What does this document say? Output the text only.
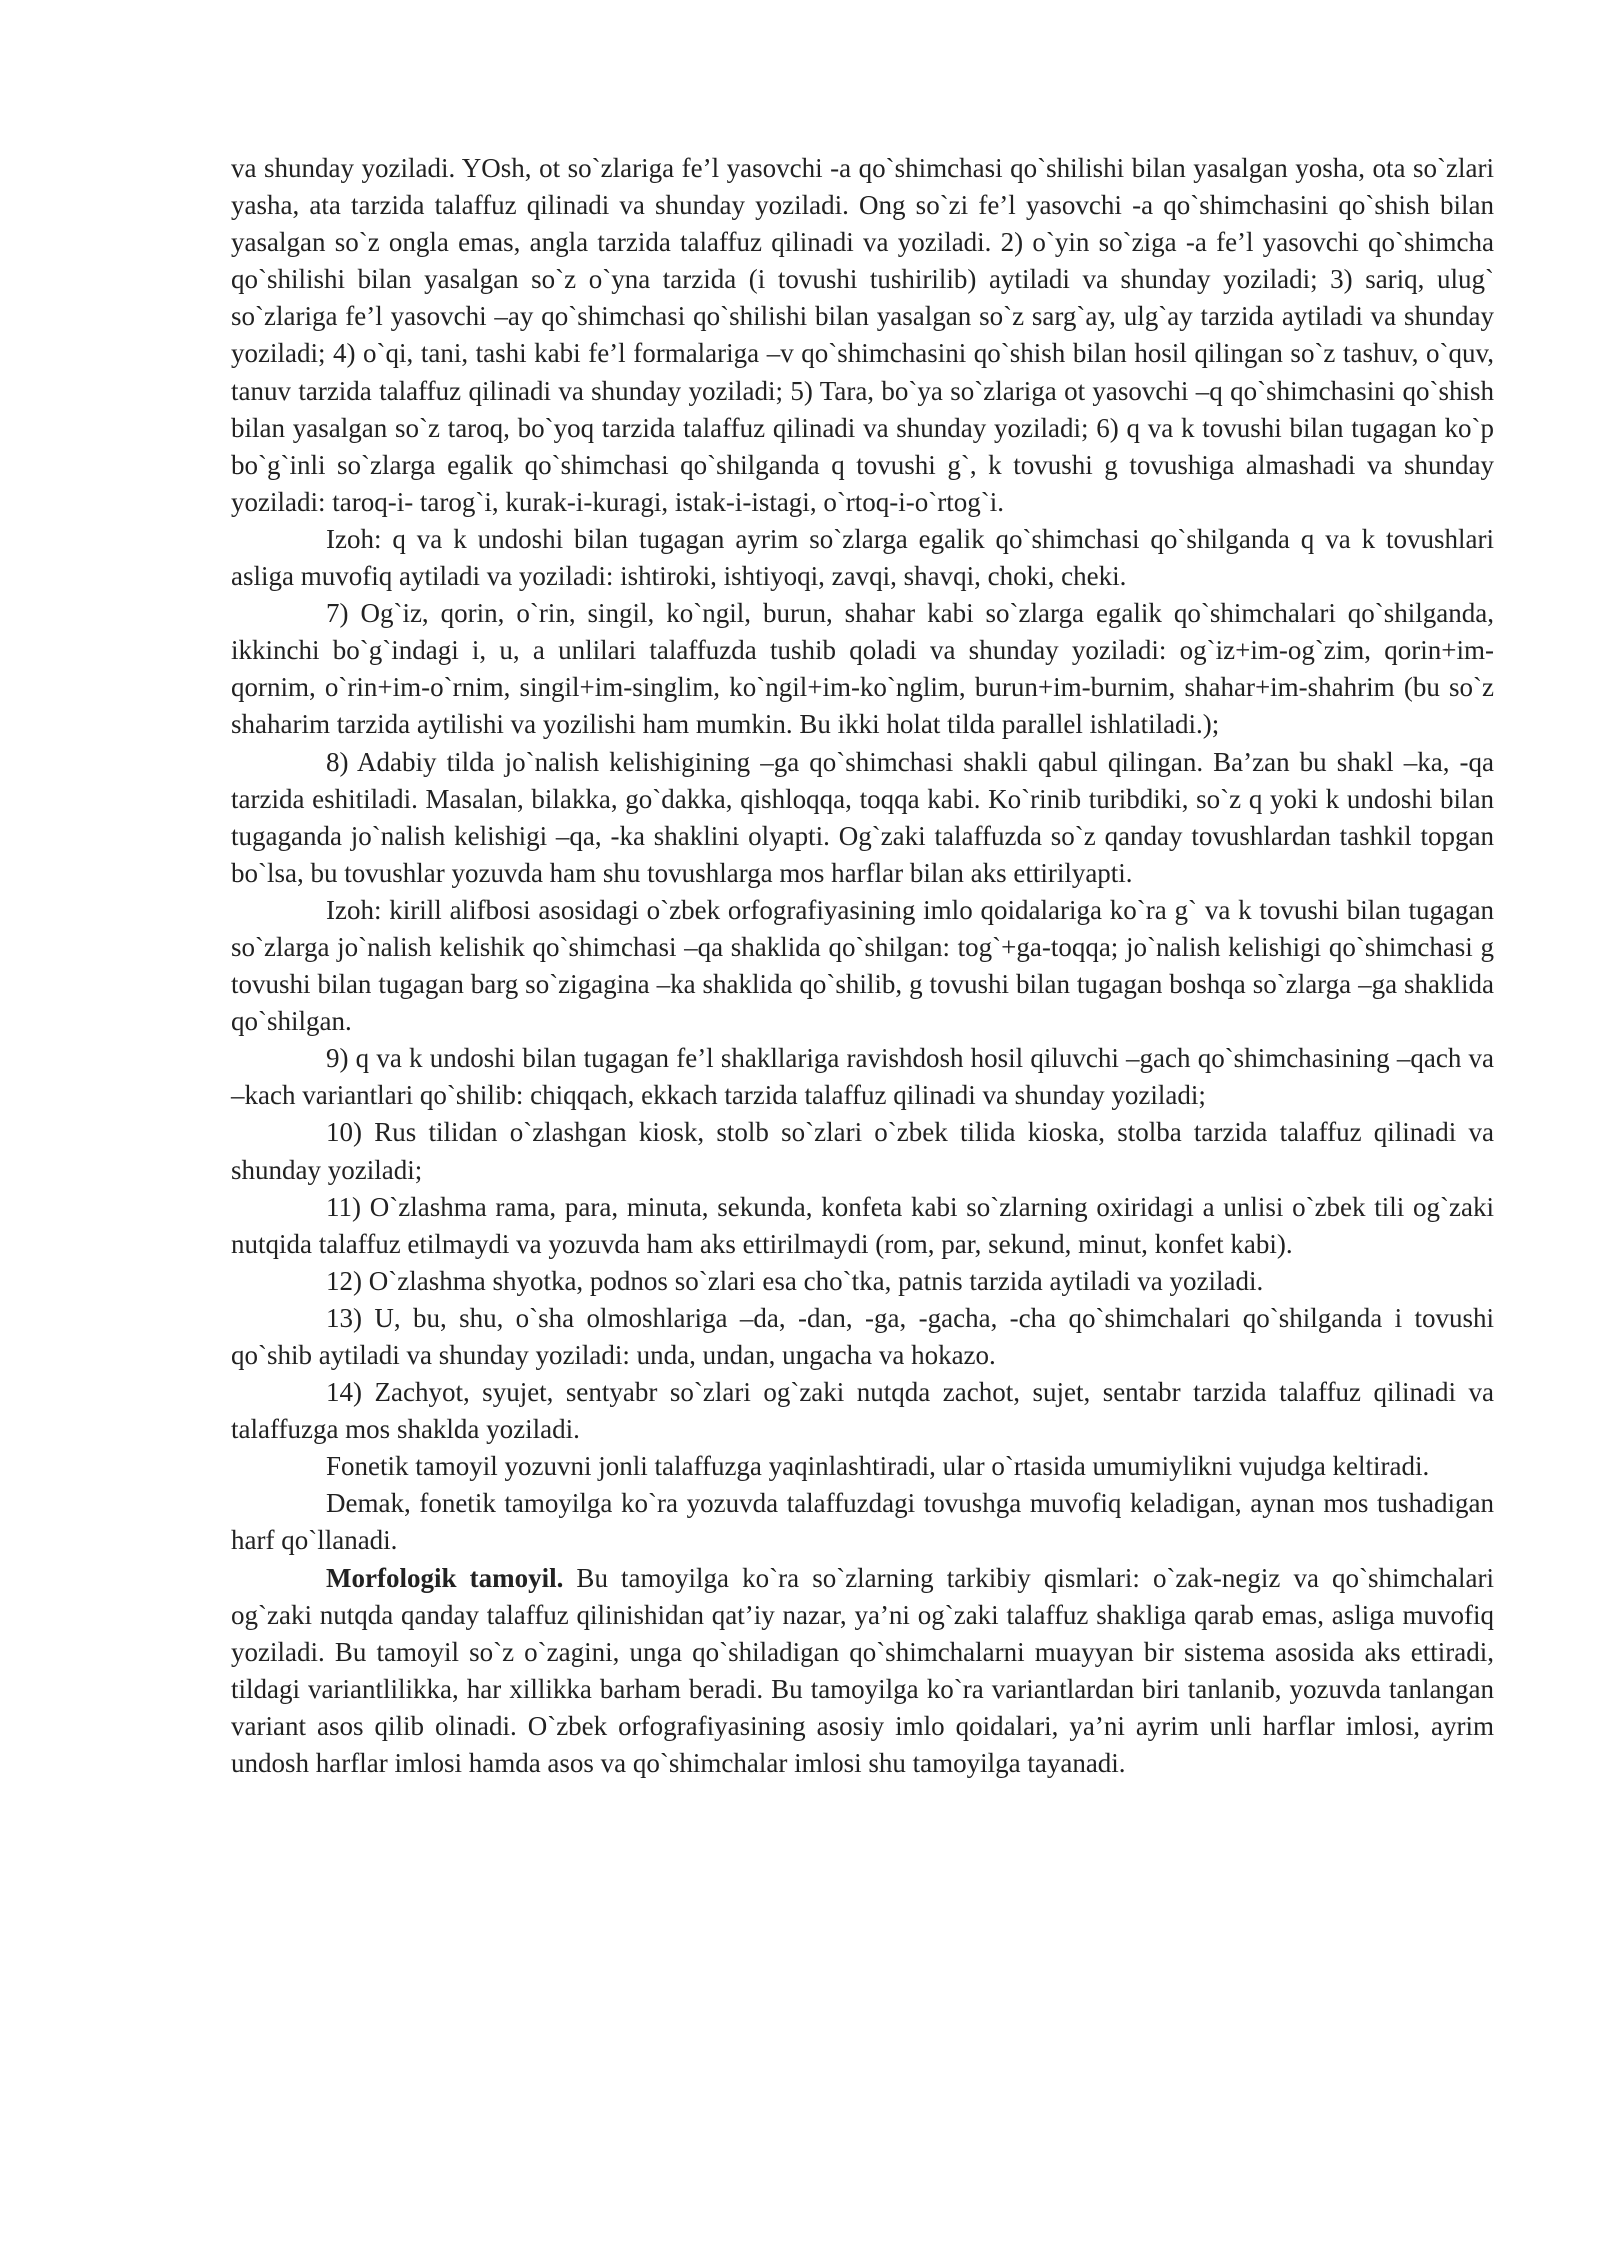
va shunday yoziladi. YOsh, ot so`zlariga fe’l yasovchi -a qo`shimchasi qo`shilishi bilan yasalgan yosha, ota so`zlari yasha, ata tarzida talaffuz qilinadi va shunday yoziladi. Ong so`zi fe’l yasovchi -a qo`shimchasini qo`shish bilan yasalgan so`z ongla emas, angla tarzida talaffuz qilinadi va yoziladi. 2) o`yin so`ziga -a fe’l yasovchi qo`shimcha qo`shilishi bilan yasalgan so`z o`yna tarzida (i tovushi tushirilib) aytiladi va shunday yoziladi; 3) sariq, ulug` so`zlariga fe’l yasovchi –ay qo`shimchasi qo`shilishi bilan yasalgan so`z sarg`ay, ulg`ay tarzida aytiladi va shunday yoziladi; 4) o`qi, tani, tashi kabi fe’l formalariga –v qo`shimchasini qo`shish bilan hosil qilingan so`z tashuv, o`quv, tanuv tarzida talaffuz qilinadi va shunday yoziladi; 5) Tara, bo`ya so`zlariga ot yasovchi –q qo`shimchasini qo`shish bilan yasalgan so`z taroq, bo`yoq tarzida talaffuz qilinadi va shunday yoziladi; 6) q va k tovushi bilan tugagan ko`p bo`g`inli so`zlarga egalik qo`shimchasi qo`shilganda q tovushi g`, k tovushi g tovushiga almashadi va shunday yoziladi: taroq-i- tarog`i, kurak-i-kuragi, istak-i-istagi, o`rtoq-i-o`rtog`i.

Izoh: q va k undoshi bilan tugagan ayrim so`zlarga egalik qo`shimchasi qo`shilganda q va k tovushlari asliga muvofiq aytiladi va yoziladi: ishtiroki, ishtiyoqi, zavqi, shavqi, choki, cheki.

7) Og`iz, qorin, o`rin, singil, ko`ngil, burun, shahar kabi so`zlarga egalik qo`shimchalari qo`shilganda, ikkinchi bo`g`indagi i, u, a unlilari talaffuzda tushib qoladi va shunday yoziladi: og`iz+im-og`zim, qorin+im-qornim, o`rin+im-o`rnim, singil+im-singlim, ko`ngil+im-ko`nglim, burun+im-burnim, shahar+im-shahrim (bu so`z shaharim tarzida aytilishi va yozilishi ham mumkin. Bu ikki holat tilda parallel ishlatiladi.);

8) Adabiy tilda jo`nalish kelishigining –ga qo`shimchasi shakli qabul qilingan. Ba’zan bu shakl –ka, -qa tarzida eshitiladi. Masalan, bilakka, go`dakka, qishloqqa, toqqa kabi. Ko`rinib turibdiki, so`z q yoki k undoshi bilan tugaganda jo`nalish kelishigi –qa, -ka shaklini olyapti. Og`zaki talaffuzda so`z qanday tovushlardan tashkil topgan bo`lsa, bu tovushlar yozuvda ham shu tovushlarga mos harflar bilan aks ettirilyapti.

Izoh: kirill alifbosi asosidagi o`zbek orfografiyasining imlo qoidalariga ko`ra g` va k tovushi bilan tugagan so`zlarga jo`nalish kelishik qo`shimchasi –qa shaklida qo`shilgan: tog`+ga-toqqa; jo`nalish kelishigi qo`shimchasi g tovushi bilan tugagan barg so`zigagina –ka shaklida qo`shilib, g tovushi bilan tugagan boshqa so`zlarga –ga shaklida qo`shilgan.

9) q va k undoshi bilan tugagan fe’l shakllariga ravishdosh hosil qiluvchi –gach qo`shimchasining –qach va –kach variantlari qo`shilib: chiqqach, ekkach tarzida talaffuz qilinadi va shunday yoziladi;

10) Rus tilidan o`zlashgan kiosk, stolb so`zlari o`zbek tilida kioska, stolba tarzida talaffuz qilinadi va shunday yoziladi;

11) O`zlashma rama, para, minuta, sekunda, konfeta kabi so`zlarning oxiridagi a unlisi o`zbek tili og`zaki nutqida talaffuz etilmaydi va yozuvda ham aks ettirilmaydi (rom, par, sekund, minut, konfet kabi).

12) O`zlashma shyotka, podnos so`zlari esa cho`tka, patnis tarzida aytiladi va yoziladi.

13) U, bu, shu, o`sha olmoshlariga –da, -dan, -ga, -gacha, -cha qo`shimchalari qo`shilganda i tovushi qo`shib aytiladi va shunday yoziladi: unda, undan, ungacha va hokazo.

14) Zachyot, syujet, sentyabr so`zlari og`zaki nutqda zachot, sujet, sentabr tarzida talaffuz qilinadi va talaffuzga mos shaklda yoziladi.

Fonetik tamoyil yozuvni jonli talaffuzga yaqinlashtiradi, ular o`rtasida umumiylikni vujudga keltiradi.

Demak, fonetik tamoyilga ko`ra yozuvda talaffuzdagi tovushga muvofiq keladigan, aynan mos tushadigan harf qo`llanadi.

Morfologik tamoyil. Bu tamoyilga ko`ra so`zlarning tarkibiy qismlari: o`zak-negiz va qo`shimchalari og`zaki nutqda qanday talaffuz qilinishidan qat’iy nazar, ya’ni og`zaki talaffuz shakliga qarab emas, asliga muvofiq yoziladi. Bu tamoyil so`z o`zagini, unga qo`shiladigan qo`shimchalarni muayyan bir sistema asosida aks ettiradi, tildagi variantlilikka, har xillikka barham beradi. Bu tamoyilga ko`ra variantlardan biri tanlanib, yozuvda tanlangan variant asos qilib olinadi. O`zbek orfografiyasining asosiy imlo qoidalari, ya’ni ayrim unli harflar imlosi, ayrim undosh harflar imlosi hamda asos va qo`shimchalar imlosi shu tamoyilga tayanadi.
